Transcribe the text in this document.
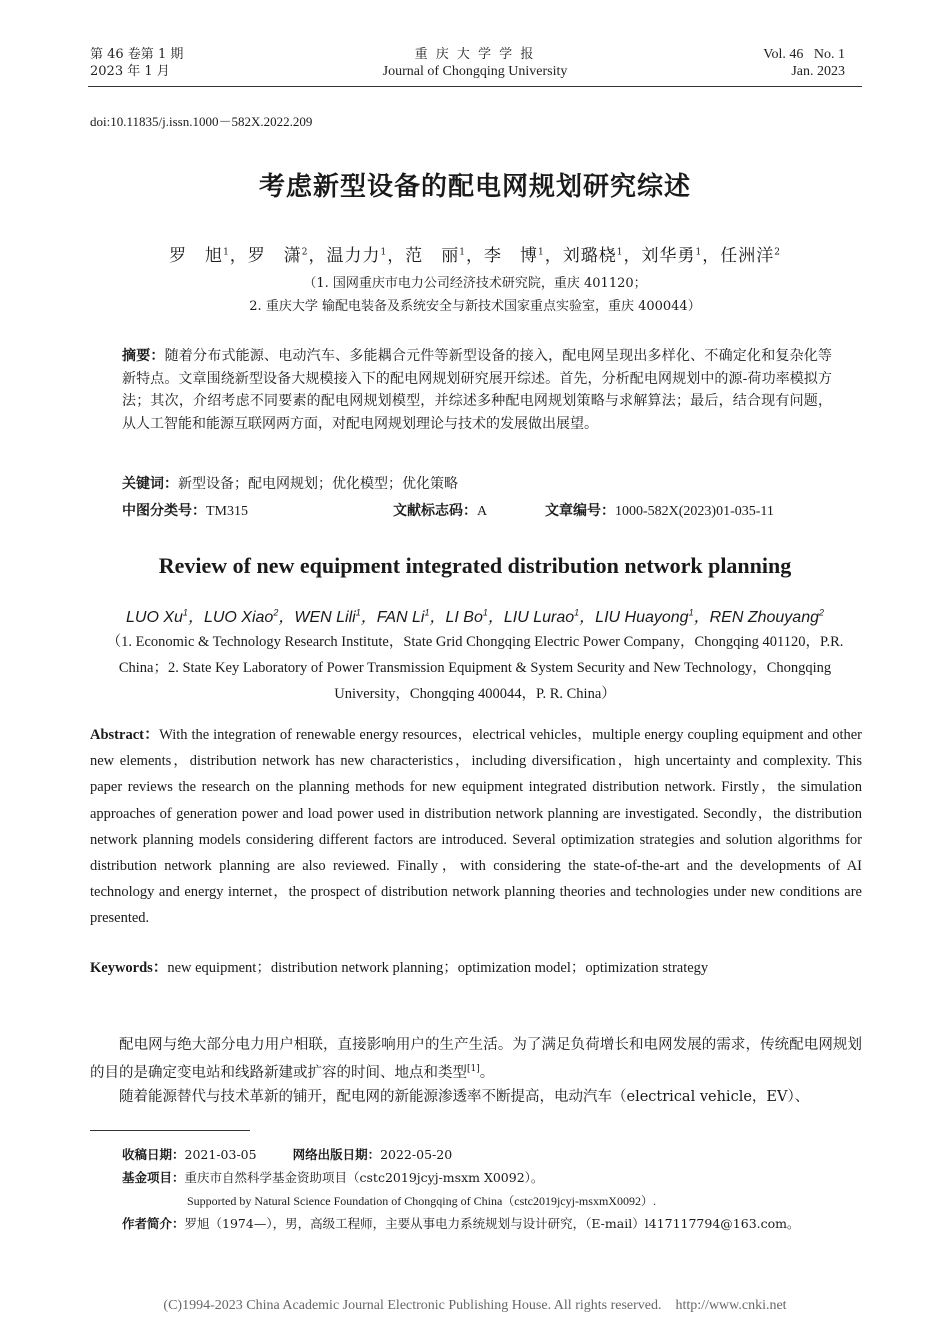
第 46 卷第 1 期
2023 年 1 月
重 庆 大 学 学 报
Journal of Chongqing University
Vol. 46   No. 1
Jan. 2023
doi:10.11835/j.issn.1000－582X.2022.209
考虑新型设备的配电网规划研究综述
罗　旭$^1$，罗　潇$^2$，温力力$^1$，范　丽$^1$，李　博$^1$，刘璐桡$^1$，刘华勇$^1$，任洲洋$^2$
（1. 国网重庆市电力公司经济技术研究院，重庆 401120；
2. 重庆大学 输配电装备及系统安全与新技术国家重点实验室，重庆 400044）
摘要：随着分布式能源、电动汽车、多能耦合元件等新型设备的接入，配电网呈现出多样化、不确定化和复杂化等新特点。文章围绕新型设备大规模接入下的配电网规划研究展开综述。首先，分析配电网规划中的源-荷功率模拟方法；其次，介绍考虑不同要素的配电网规划模型，并综述多种配电网规划策略与求解算法；最后，结合现有问题，从人工智能和能源互联网两方面，对配电网规划理论与技术的发展做出展望。
关键词：新型设备；配电网规划；优化模型；优化策略
中图分类号：TM315	文献标志码：A	文章编号：1000-582X(2023)01-035-11
Review of new equipment integrated distribution network planning
LUO Xu$^1$，LUO Xiao$^2$，WEN Lili$^1$，FAN Li$^1$，LI Bo$^1$，LIU Lurao$^1$，LIU Huayong$^1$，REN Zhouyang$^2$
（1. Economic & Technology Research Institute，State Grid Chongqing Electric Power Company，Chongqing 401120，P.R. China；2. State Key Laboratory of Power Transmission Equipment & System Security and New Technology，Chongqing University，Chongqing 400044，P. R. China）
Abstract：With the integration of renewable energy resources，electrical vehicles，multiple energy coupling equipment and other new elements，distribution network has new characteristics，including diversification，high uncertainty and complexity. This paper reviews the research on the planning methods for new equipment integrated distribution network. Firstly，the simulation approaches of generation power and load power used in distribution network planning are investigated. Secondly，the distribution network planning models considering different factors are introduced. Several optimization strategies and solution algorithms for distribution network planning are also reviewed. Finally，with considering the state-of-the-art and the developments of AI technology and energy internet，the prospect of distribution network planning theories and technologies under new conditions are presented.
Keywords：new equipment；distribution network planning；optimization model；optimization strategy
配电网与绝大部分电力用户相联，直接影响用户的生产生活。为了满足负荷增长和电网发展的需求，传统配电网规划的目的是确定变电站和线路新建或扩容的时间、地点和类型[1]。
随着能源替代与技术革新的铺开，配电网的新能源渗透率不断提高，电动汽车（electrical vehicle，EV）、
收稿日期：2021-03-05	网络出版日期：2022-05-20
基金项目：重庆市自然科学基金资助项目（cstc2019jcyj-msxm X0092）。
Supported by Natural Science Foundation of Chongqing of China（cstc2019jcyj-msxmX0092）.
作者简介：罗旭（1974—），男，高级工程师，主要从事电力系统规划与设计研究，（E-mail）l417117794@163.com。
(C)1994-2023 China Academic Journal Electronic Publishing House. All rights reserved.    http://www.cnki.net
